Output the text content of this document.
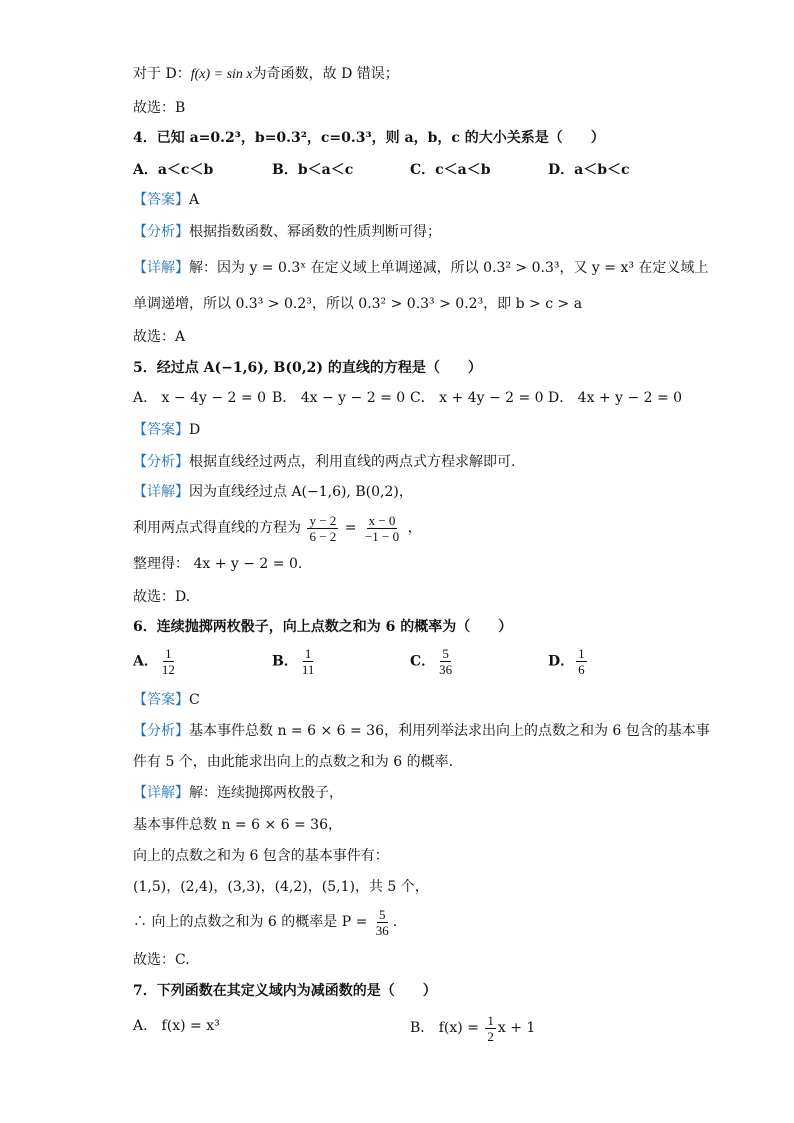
对于 D：f(x) = sin x为奇函数，故 D 错误；
故选：B
4．已知 a=0.2³，b=0.3²，c=0.3³，则 a，b，c 的大小关系是（　　）
A．a＜c＜b	B．b＜a＜c	C．c＜a＜b	D．a＜b＜c
【答案】A
【分析】根据指数函数、幂函数的性质判断可得；
【详解】解：因为 y = 0.3ˣ 在定义域上单调递减，所以 0.3² > 0.3³，又 y = x³ 在定义域上
单调递增，所以 0.3³ > 0.2³，所以 0.3² > 0.3³ > 0.2³，即 b > c > a
故选：A
5．经过点 A(−1,6), B(0,2) 的直线的方程是（　　）
A． x − 4y − 2 = 0 B． 4x − y − 2 = 0 C． x + 4y − 2 = 0 D． 4x + y − 2 = 0
【答案】D
【分析】根据直线经过两点，利用直线的两点式方程求解即可.
【详解】因为直线经过点 A(−1,6), B(0,2)，
利用两点式得直线的方程为 $\frac{y - 2}{6 - 2} = \frac{x - 0}{-1 - 0}$ ，
整理得： 4x + y − 2 = 0.
故选：D.
6．连续抛掷两枚骰子，向上点数之和为 6 的概率为（　　）
A． $\frac{1}{12}$	B． $\frac{1}{11}$	C． $\frac{5}{36}$	D． $\frac{1}{6}$
【答案】C
【分析】基本事件总数 n = 6 × 6 = 36，利用列举法求出向上的点数之和为 6 包含的基本事
件有 5 个，由此能求出向上的点数之和为 6 的概率.
【详解】解：连续抛掷两枚骰子，
基本事件总数 n = 6 × 6 = 36，
向上的点数之和为 6 包含的基本事件有：
(1,5)，(2,4)，(3,3)，(4,2)，(5,1)，共 5 个，
∴ 向上的点数之和为 6 的概率是 $P = \frac{5}{36}$ .
故选：C.
7．下列函数在其定义域内为减函数的是（　　）
A． f(x) = x³	B． $f(x) = \frac{1}{2}$ x + 1
